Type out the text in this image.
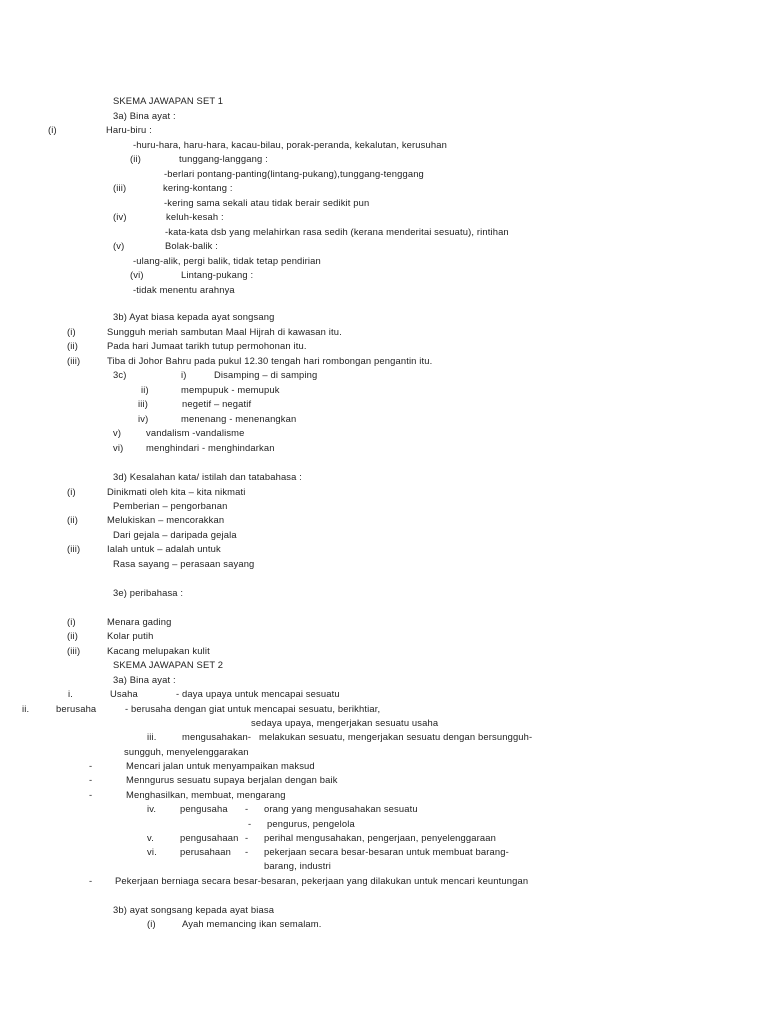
SKEMA JAWAPAN SET 1
3a) Bina ayat :
(i)	Haru-biru :
-huru-hara, haru-hara, kacau-bilau, porak-peranda, kekalutan, kerusuhan
(ii)	tunggang-langgang :
-berlari pontang-panting(lintang-pukang),tunggang-tenggang
(iii)	kering-kontang :
-kering sama sekali atau tidak berair sedikit pun
(iv)	keluh-kesah :
-kata-kata dsb yang melahirkan rasa sedih (kerana menderitai sesuatu), rintihan
(v)	Bolak-balik :
-ulang-alik, pergi balik, tidak tetap pendirian
(vi)	Lintang-pukang :
-tidak menentu arahnya
3b) Ayat biasa kepada ayat songsang
(i)	Sungguh meriah sambutan Maal Hijrah di kawasan itu.
(ii)	Pada hari Jumaat tarikh tutup permohonan itu.
(iii)	Tiba di Johor Bahru pada pukul 12.30 tengah hari rombongan pengantin itu.
3c)	i)	Disamping – di samping
ii)	mempupuk - memupuk
iii)	negetif – negatif
iv)	menenang - menenangkan
v)	vandalism -vandalisme
vi) menghindari - menghindarkan
3d) Kesalahan kata/ istilah dan tatabahasa :
(i)	Dinikmati oleh kita – kita nikmati
Pemberian – pengorbanan
(ii)	Melukiskan – mencorakkan
Dari gejala – daripada gejala
(iii)	Ialah untuk – adalah untuk
Rasa sayang – perasaan sayang
3e) peribahasa :
(i)	Menara gading
(ii)	Kolar putih
(iii)	Kacang melupakan kulit
SKEMA JAWAPAN SET 2
3a) Bina ayat :
i.	Usaha	- daya upaya untuk mencapai sesuatu
ii.	berusaha	- berusaha dengan giat untuk mencapai sesuatu, berikhtiar,
sedaya upaya, mengerjakan sesuatu usaha
iii.	mengusahakan- melakukan sesuatu, mengerjakan sesuatu dengan bersungguh-
sungguh, menyelenggarakan
-	Mencari jalan untuk menyampaikan maksud
-	Menngurus sesuatu supaya berjalan dengan baik
-	Menghasilkan, membuat, mengarang
iv.	pengusaha - orang yang mengusahakan sesuatu
- pengurus, pengelola
v.	pengusahaan - perihal mengusahakan, pengerjaan, penyelenggaraan
vi. perusahaan - pekerjaan secara besar-besaran untuk membuat barang-
barang, industri
- Pekerjaan berniaga secara besar-besaran, pekerjaan yang dilakukan untuk mencari keuntungan
3b) ayat songsang kepada ayat biasa
(i)	Ayah memancing ikan semalam.
